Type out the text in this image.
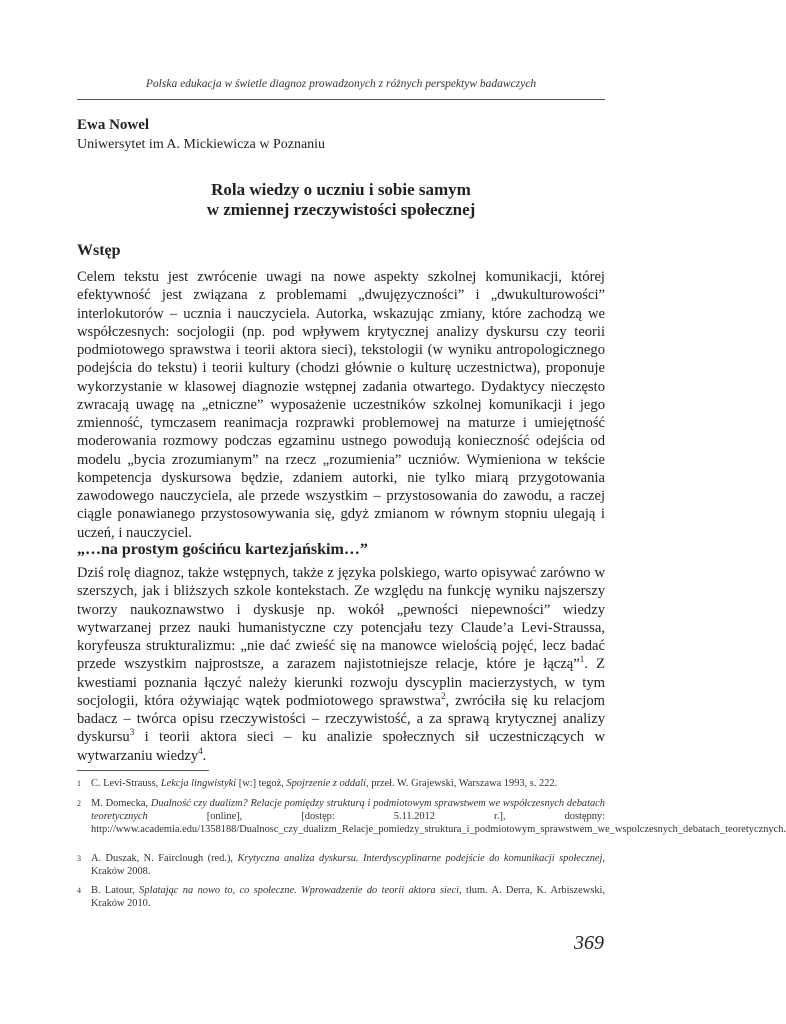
Polska edukacja w świetle diagnoz prowadzonych z różnych perspektyw badawczych
Ewa Nowel
Uniwersytet im A. Mickiewicza w Poznaniu
Rola wiedzy o uczniu i sobie samym
w zmiennej rzeczywistości społecznej
Wstęp

Celem tekstu jest zwrócenie uwagi na nowe aspekty szkolnej komunikacji, której efektywność jest związana z problemami „dwujęzyczności” i „dwukulturowości” interlokutorów – ucznia i nauczyciela. Autorka, wskazując zmiany, które zachodzą we współczesnych: socjologii (np. pod wpływem krytycznej analizy dyskursu czy teorii podmiotowego sprawstwa i teorii aktora sieci), tekstologii (w wyniku antropologicznego podejścia do tekstu) i teorii kultury (chodzi głównie o kulturę uczestnictwa), proponuje wykorzystanie w klasowej diagnozie wstępnej zadania otwartego. Dydaktycy nieczęsto zwracają uwagę na „etniczne” wyposażenie uczestników szkolnej komunikacji i jego zmienność, tymczasem reanimacja rozprawki problemowej na maturze i umiejętność moderowania rozmowy podczas egzaminu ustnego powodują konieczność odejścia od modelu „bycia zrozumianym” na rzecz „rozumienia” uczniów. Wymieniona w tekście kompetencja dyskursowa będzie, zdaniem autorki, nie tylko miarą przygotowania zawodowego nauczyciela, ale przede wszystkim – przystosowania do zawodu, a raczej ciągle ponawianego przystosowywania się, gdyż zmianom w równym stopniu ulegają i uczeń, i nauczyciel.

„…na prostym gościńcu kartezjańskim…”

Dziś rolę diagnoz, także wstępnych, także z języka polskiego, warto opisywać zarówno w szerszych, jak i bliższych szkole kontekstach. Ze względu na funkcję wyniku najszerszy tworzy naukoznawstwo i dyskusje np. wokół „pewności niepewności” wiedzy wytwarzanej przez nauki humanistyczne czy potencjału tezy Claude’a Levi-Straussa, koryfeusza strukturalizmu: „nie dać zwieść się na manowce wielością pojęć, lecz badać przede wszystkim najprostsze, a zarazem najistotniejsze relacje, które je łączą”$^1$. Z kwestiami poznania łączyć należy kierunki rozwoju dyscyplin macierzystych, w tym socjologii, która ożywiając wątek podmiotowego sprawstwa$^2$, zwróciła się ku relacjom badacz – twórca opisu rzeczywistości – rzeczywistość, a za sprawą krytycznej analizy dyskursu$^3$ i teorii aktora sieci – ku analizie społecznych sił uczestniczących w wytwarzaniu wiedzy$^4$.

1 C. Levi-Strauss, Lekcja lingwistyki [w:] tegoż, Spojrzenie z oddali, przeł. W. Grajewski, Warszawa 1993, s. 222.
2 M. Domecka, Dualność czy dualizm? Relacje pomiędzy strukturą i podmiotowym sprawstwem we współczesnych debatach teoretycznych [online], [dostęp: 5.11.2012 r.], dostępny: http://www.academia.edu/1358188/Dualnosc_czy_dualizm_Relacje_pomiedzy_struktura_i_podmiotowym_sprawstwem_we_wspolczesnych_debatach_teoretycznych.
3 A. Duszak, N. Fairclough (red.), Krytyczna analiza dyskursu. Interdyscyplinarne podejście do komunikacji społecznej, Kraków 2008.
4 B. Latour, Splatając na nowo to, co społeczne. Wprowadzenie do teorii aktora sieci, tłum. A. Derra, K. Arbiszewski, Kraków 2010.
369
